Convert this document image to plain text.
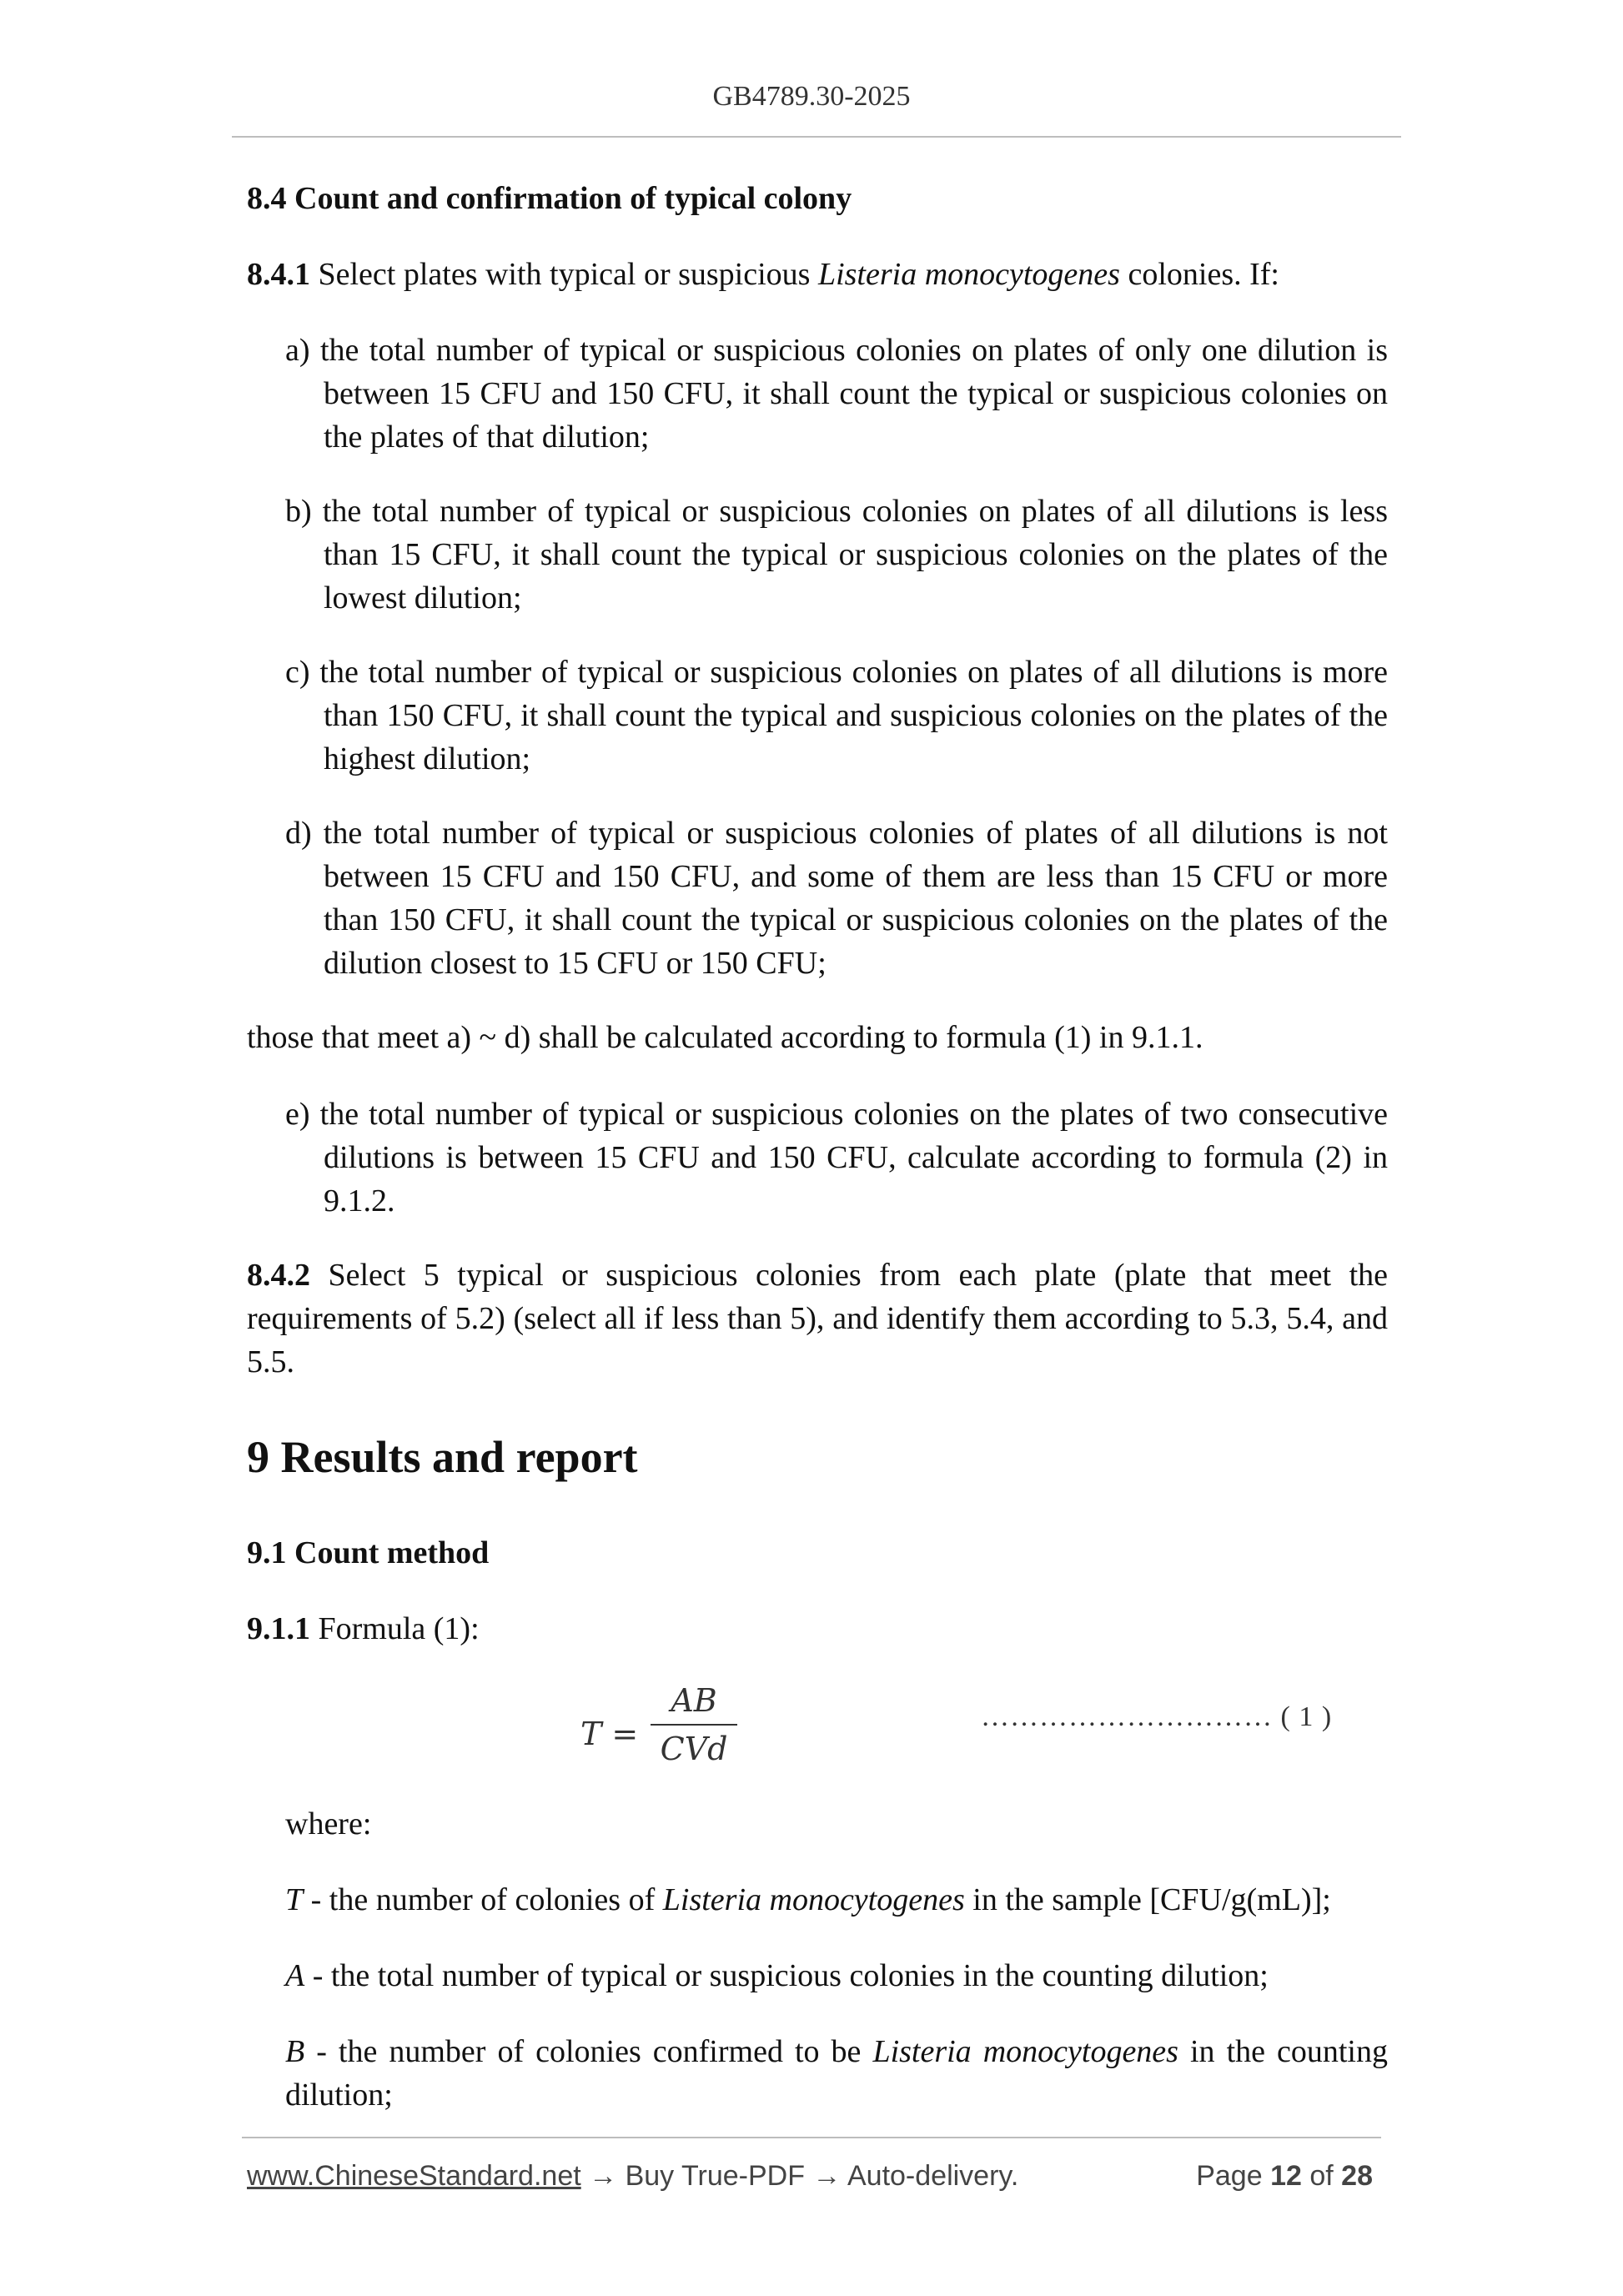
GB4789.30-2025
8.4 Count and confirmation of typical colony
8.4.1 Select plates with typical or suspicious Listeria monocytogenes colonies. If:
a) the total number of typical or suspicious colonies on plates of only one dilution is between 15 CFU and 150 CFU, it shall count the typical or suspicious colonies on the plates of that dilution;
b) the total number of typical or suspicious colonies on plates of all dilutions is less than 15 CFU, it shall count the typical or suspicious colonies on the plates of the lowest dilution;
c) the total number of typical or suspicious colonies on plates of all dilutions is more than 150 CFU, it shall count the typical and suspicious colonies on the plates of the highest dilution;
d) the total number of typical or suspicious colonies of plates of all dilutions is not between 15 CFU and 150 CFU, and some of them are less than 15 CFU or more than 150 CFU, it shall count the typical or suspicious colonies on the plates of the dilution closest to 15 CFU or 150 CFU;
those that meet a) ~ d) shall be calculated according to formula (1) in 9.1.1.
e) the total number of typical or suspicious colonies on the plates of two consecutive dilutions is between 15 CFU and 150 CFU, calculate according to formula (2) in 9.1.2.
8.4.2 Select 5 typical or suspicious colonies from each plate (plate that meet the requirements of 5.2) (select all if less than 5), and identify them according to 5.3, 5.4, and 5.5.
9 Results and report
9.1 Count method
9.1.1 Formula (1):
T =
AB
CVd
………………………… ( 1 )
where:
T - the number of colonies of Listeria monocytogenes in the sample [CFU/g(mL)];
A - the total number of typical or suspicious colonies in the counting dilution;
B - the number of colonies confirmed to be Listeria monocytogenes in the counting dilution;
www.ChineseStandard.net → Buy True-PDF → Auto-delivery.	Page 12 of 28
